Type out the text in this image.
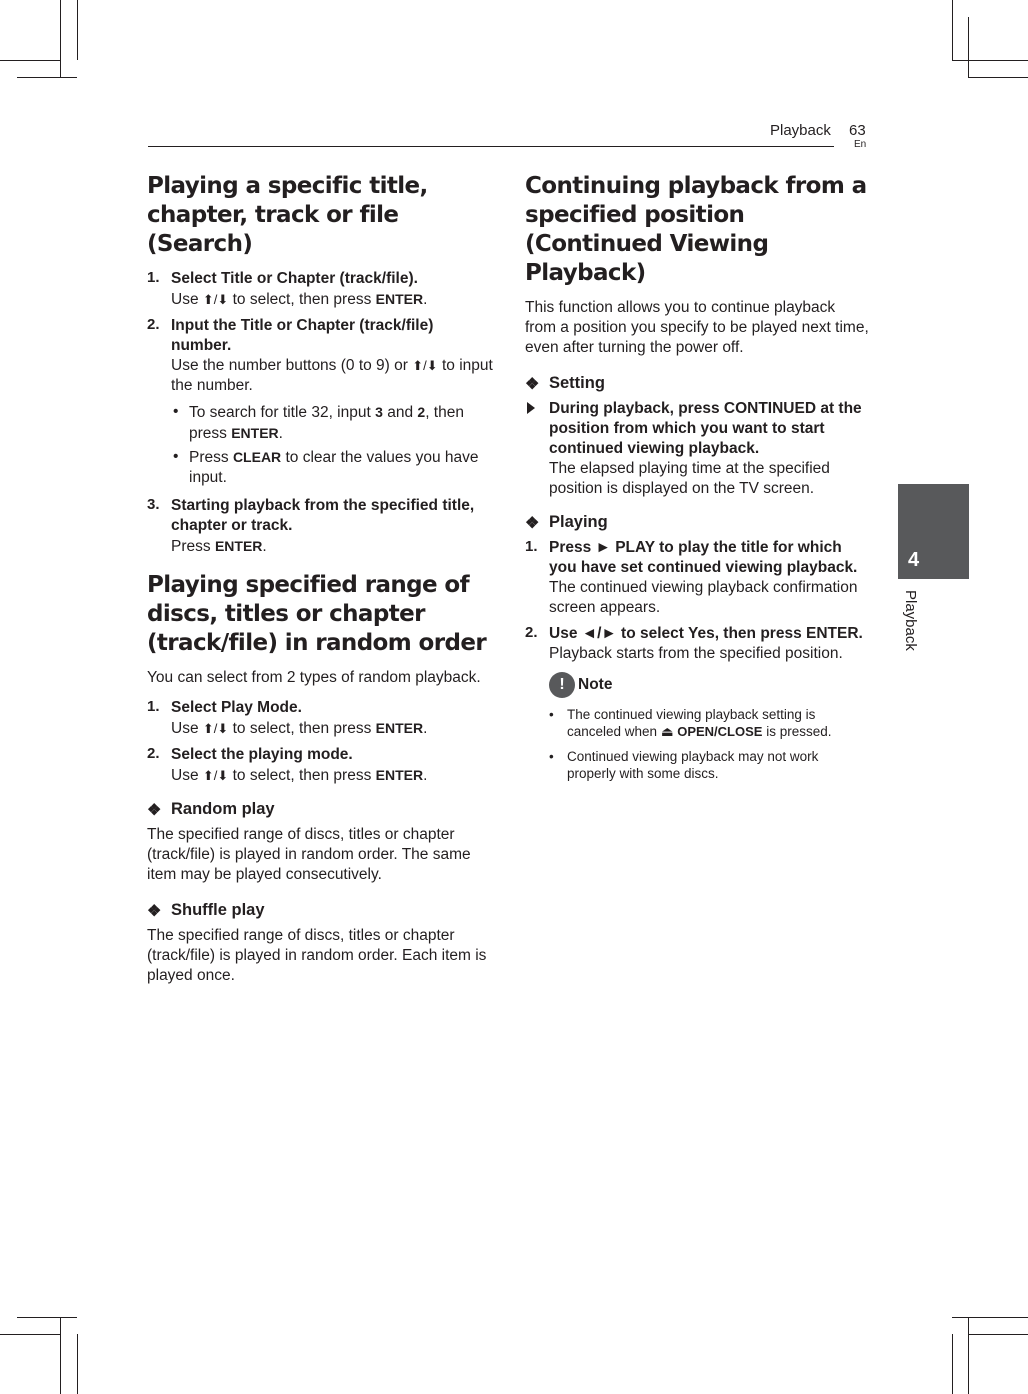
Playback 63
En
4
Playback
Playing a specific title, chapter, track or file (Search)
1. Select Title or Chapter (track/file).
Use ⬆/⬇ to select, then press ENTER.
2. Input the Title or Chapter (track/file) number.
Use the number buttons (0 to 9) or ⬆/⬇ to input the number.
• To search for title 32, input 3 and 2, then press ENTER.
• Press CLEAR to clear the values you have input.
3. Starting playback from the specified title, chapter or track.
Press ENTER.
Playing specified range of discs, titles or chapter (track/file) in random order

You can select from 2 types of random playback.

1. Select Play Mode.
Use ⬆/⬇ to select, then press ENTER.
2. Select the playing mode.
Use ⬆/⬇ to select, then press ENTER.
❖ Random play

The specified range of discs, titles or chapter (track/file) is played in random order. The same item may be played consecutively.

❖ Shuffle play

The specified range of discs, titles or chapter (track/file) is played in random order. Each item is played once.

Continuing playback from a specified position (Continued Viewing Playback)

This function allows you to continue playback from a position you specify to be played next time, even after turning the power off.

❖ Setting
During playback, press CONTINUED at the position from which you want to start continued viewing playback.
The elapsed playing time at the specified position is displayed on the TV screen.
❖ Playing
1. Press ► PLAY to play the title for which you have set continued viewing playback.
The continued viewing playback confirmation screen appears.
2. Use ◄/► to select Yes, then press ENTER.
Playback starts from the specified position.
! Note
• The continued viewing playback setting is canceled when ⏏ OPEN/CLOSE is pressed.
• Continued viewing playback may not work properly with some discs.
